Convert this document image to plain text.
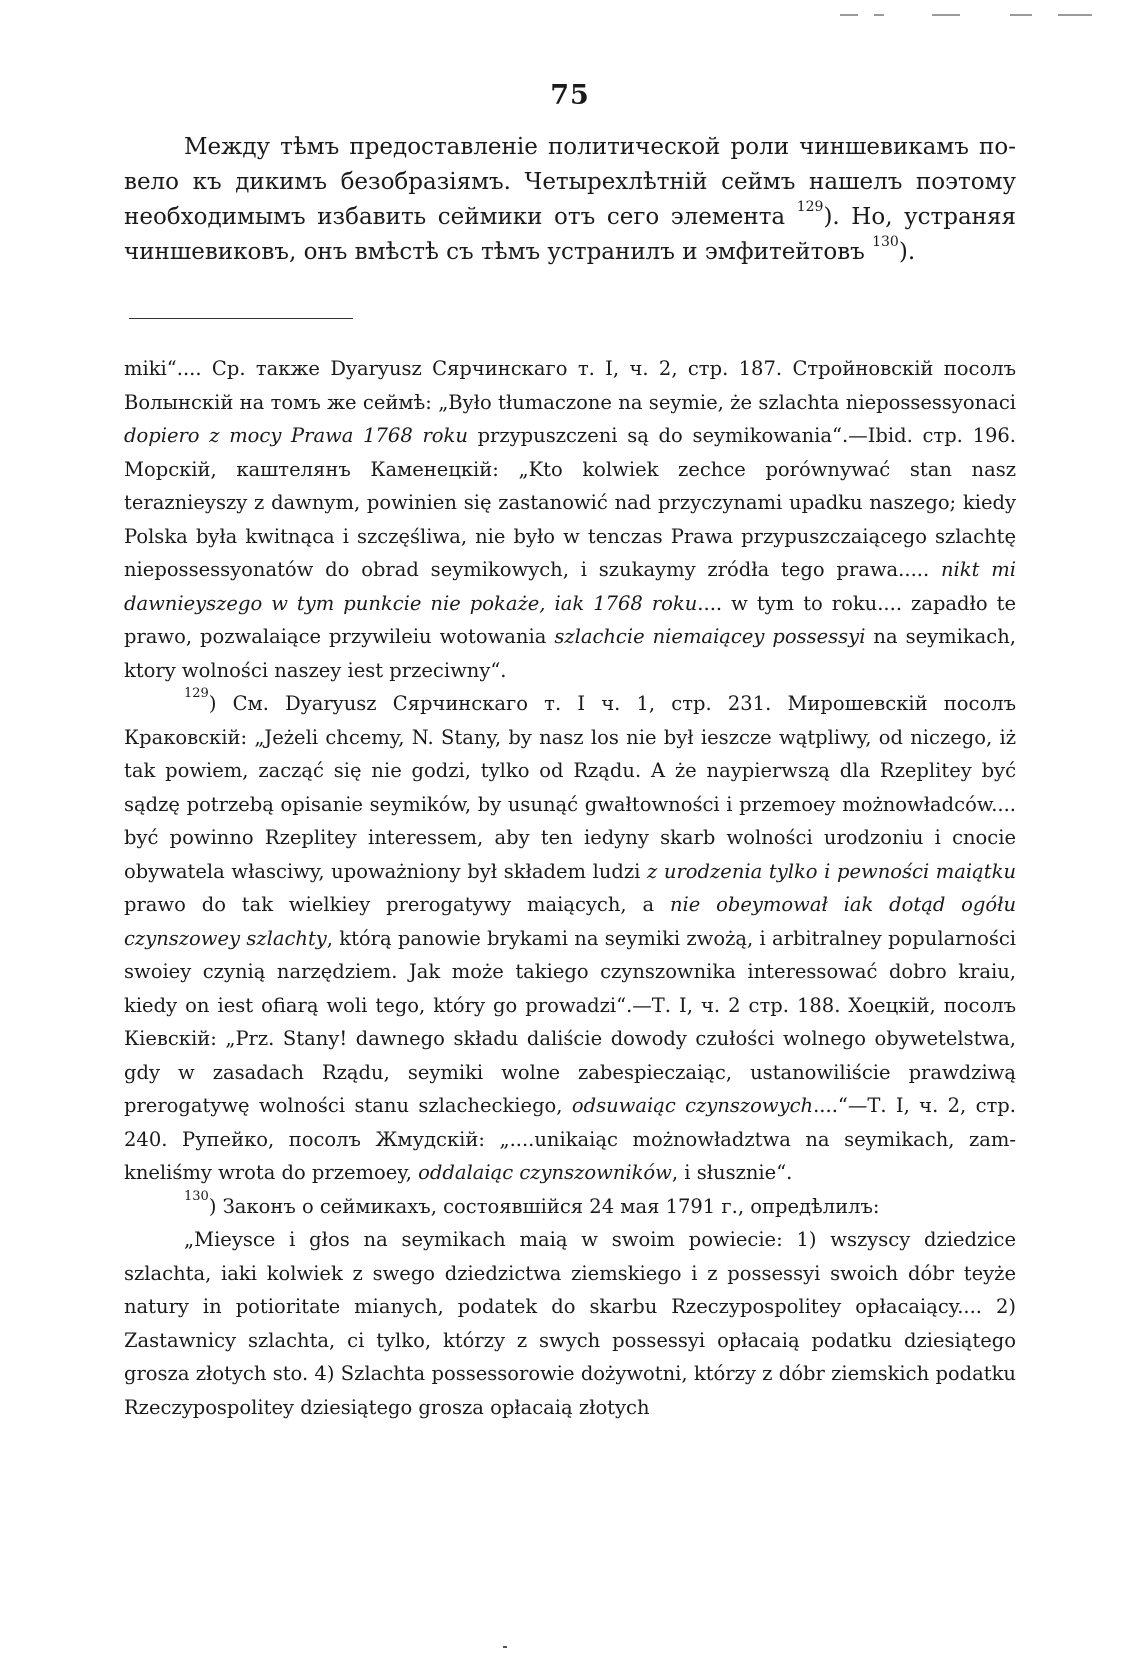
75

Между тѣмъ предоставленіе политической роли чиншевикамъ повело къ дикимъ безобразіямъ. Четырехлѣтній сеймъ нашелъ поэтому необходимымъ избавить сеймики отъ сего элемента $^{129}$). Но, устраняя чиншевиковъ, онъ вмѣстѣ съ тѣмъ устранилъ и эмфитейтовъ $^{130}$).

miki“.... Ср. также Dyaryusz Сярчинскаго т. I, ч. 2, стр. 187. Стройновскій посолъ Волынскій на томъ же сеймѣ: „Było tłumaczone na seymie, że szlachta niepossessyonaci dopiero z mocy Prawa 1768 roku przypuszczeni są do seymikowania“.—Ibid. стр. 196. Морскій, каштелянъ Каменецкій: „Kto kolwiek zechce porównywać stan nasz teraznieyszy z dawnym, powinien się zastanowić nad przyczynami upadku naszego; kiedy Polska była kwitnąca i szczęśliwa, nie było w tenczas Prawa przypuszczaiącego szlachtę niepossessyonatów do obrad seymikowych, i szukaymy zródła tego prawa..... nikt mi dawnieyszego w tym punkcie nie pokaże, iak 1768 roku.... w tym to roku.... zapadło te prawo, pozwalaiące przywileiu wotowania szlachcie niemaiącey possessyi na seymikach, ktory wolności naszey iest przeciwny“.

$^{129}$) См. Dyaryusz Сярчинскаго т. I ч. 1, стр. 231. Мирошевскій посолъ Краковскій: „Jeżeli chcemy, N. Stany, by nasz los nie był ieszcze wątpliwy, od niczego, iż tak powiem, zacząć się nie godzi, tylko od Rządu. A że naypierwszą dla Rzeplitey być sądzę potrzebą opisanie seymików, by usunąć gwałtowności i przemoey możnowładców.... być powinno Rzeplitey interessem, aby ten iedyny skarb wolności urodzoniu i cnocie obywatela własciwy, upoważniony był składem ludzi z urodzenia tylko i pewności maiątku prawo do tak wielkiey prerogatywy maiących, a nie obeymował iak dotąd ogółu czynszowey szlachty, którą panowie brykami na seymiki zwożą, i arbitralney popularności swoiey czynią narzędziem. Jak może takiego czynszownika interessować dobro kraiu, kiedy on iest ofiarą woli tego, który go prowadzi“.—Т. I, ч. 2 стр. 188. Хоецкій, посолъ Кіевскій: „Prz. Stany! dawnego składu daliście dowody czułości wolnego obywetelstwa, gdy w zasadach Rządu, seymiki wolne zabespieczaiąc, ustanowiliście prawdziwą prerogatywę wolności stanu szlacheckiego, odsuwaiąc czynszowych....“—Т. I, ч. 2, стр. 240. Рупейко, посолъ Жмудскій: „....unikaiąc możnowładztwa na seymikach, zamkneliśmy wrota do przemoey, oddalaiąc czynszowników, i słusznie“.

$^{130}$) Законъ о сеймикахъ, состоявшійся 24 мая 1791 г., опредѣлилъ:

„Mieysce i głos na seymikach maią w swoim powiecie: 1) wszyscy dziedzice szlachta, iaki kolwiek z swego dziedzictwa ziemskiego i z possessyi swoich dóbr teyże natury in potioritate mianych, podatek do skarbu Rzeczypospolitey opłacaiący.... 2) Zastawnicy szlachta, ci tylko, którzy z swych possessyi opłacaią podatku dziesiątego grosza złotych sto. 4) Szlachta possessorowie dożywotni, którzy z dóbr ziemskich podatku Rzeczypospolitey dziesiątego grosza opłacaią złotych
